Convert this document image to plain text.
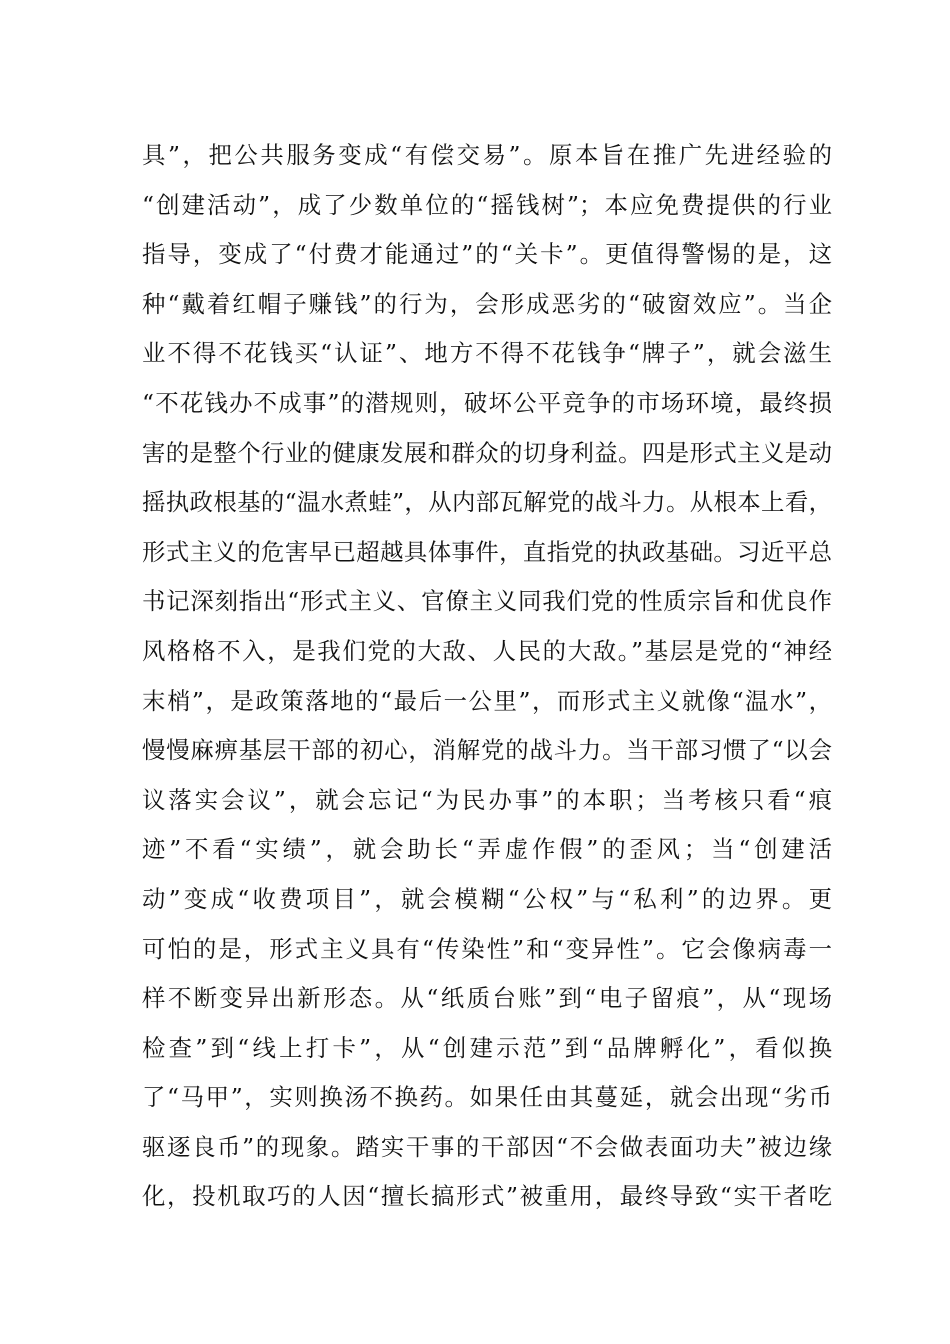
具”，把公共服务变成“有偿交易”。原本旨在推广先进经验的
“创建活动”，成了少数单位的“摇钱树”；本应免费提供的行业
指导，变成了“付费才能通过”的“关卡”。更值得警惕的是，这
种“戴着红帽子赚钱”的行为，会形成恶劣的“破窗效应”。当企
业不得不花钱买“认证”、地方不得不花钱争“牌子”，就会滋生
“不花钱办不成事”的潜规则，破坏公平竞争的市场环境，最终损
害的是整个行业的健康发展和群众的切身利益。四是形式主义是动
摇执政根基的“温水煮蛙”，从内部瓦解党的战斗力。从根本上看，
形式主义的危害早已超越具体事件，直指党的执政基础。习近平总
书记深刻指出“形式主义、官僚主义同我们党的性质宗旨和优良作
风格格不入，是我们党的大敌、人民的大敌。”基层是党的“神经
末梢”，是政策落地的“最后一公里”，而形式主义就像“温水”，
慢慢麻痹基层干部的初心，消解党的战斗力。当干部习惯了“以会
议落实会议”，就会忘记“为民办事”的本职；当考核只看“痕
迹”不看“实绩”，就会助长“弄虚作假”的歪风；当“创建活
动”变成“收费项目”，就会模糊“公权”与“私利”的边界。更
可怕的是，形式主义具有“传染性”和“变异性”。它会像病毒一
样不断变异出新形态。从“纸质台账”到“电子留痕”，从“现场
检查”到“线上打卡”，从“创建示范”到“品牌孵化”，看似换
了“马甲”，实则换汤不换药。如果任由其蔓延，就会出现“劣币
驱逐良币”的现象。踏实干事的干部因“不会做表面功夫”被边缘
化，投机取巧的人因“擅长搞形式”被重用，最终导致“实干者吃
